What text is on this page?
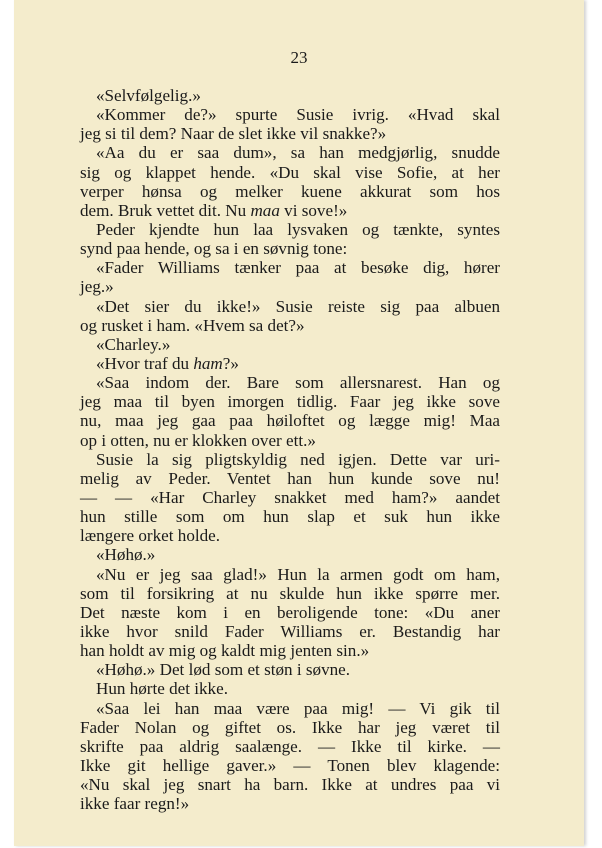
23
«Selvfølgelig.»
«Kommer de?» spurte Susie ivrig. «Hvad skal
jeg si til dem? Naar de slet ikke vil snakke?»
«Aa du er saa dum», sa han medgjørlig, snudde
sig og klappet hende. «Du skal vise Sofie, at her
verper hønsa og melker kuene akkurat som hos
dem. Bruk vettet dit. Nu maa vi sove!»
Peder kjendte hun laa lysvaken og tænkte, syntes
synd paa hende, og sa i en søvnig tone:
«Fader Williams tænker paa at besøke dig, hører
jeg.»
«Det sier du ikke!» Susie reiste sig paa albuen
og rusket i ham. «Hvem sa det?»
«Charley.»
«Hvor traf du ham?»
«Saa indom der. Bare som allersnarest. Han og
jeg maa til byen imorgen tidlig. Faar jeg ikke sove
nu, maa jeg gaa paa høiloftet og lægge mig! Maa
op i otten, nu er klokken over ett.»
Susie la sig pligtskyldig ned igjen. Dette var uri-
melig av Peder. Ventet han hun kunde sove nu!
— — «Har Charley snakket med ham?» aandet
hun stille som om hun slap et suk hun ikke
længere orket holde.
«Høhø.»
«Nu er jeg saa glad!» Hun la armen godt om ham,
som til forsikring at nu skulde hun ikke spørre mer.
Det næste kom i en beroligende tone: «Du aner
ikke hvor snild Fader Williams er. Bestandig har
han holdt av mig og kaldt mig jenten sin.»
«Høhø.» Det lød som et støn i søvne.
Hun hørte det ikke.
«Saa lei han maa være paa mig! — Vi gik til
Fader Nolan og giftet os. Ikke har jeg været til
skrifte paa aldrig saalænge. — Ikke til kirke. —
Ikke git hellige gaver.» — Tonen blev klagende:
«Nu skal jeg snart ha barn. Ikke at undres paa vi
ikke faar regn!»
